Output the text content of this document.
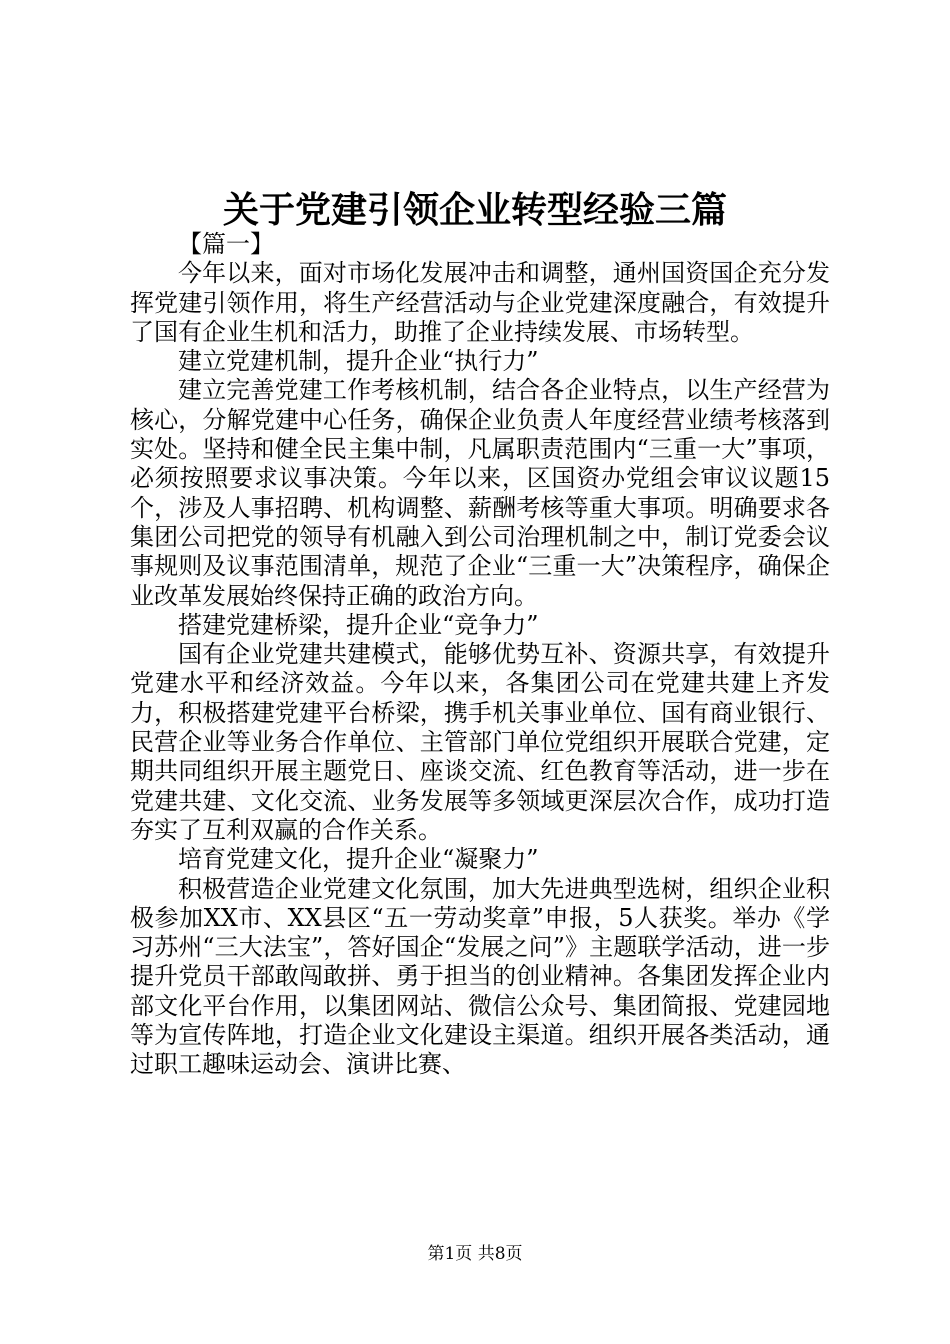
关于党建引领企业转型经验三篇

【篇一】

今年以来，面对市场化发展冲击和调整，通州国资国企充分发挥党建引领作用，将生产经营活动与企业党建深度融合，有效提升了国有企业生机和活力，助推了企业持续发展、市场转型。

建立党建机制，提升企业“执行力”

建立完善党建工作考核机制，结合各企业特点，以生产经营为核心，分解党建中心任务，确保企业负责人年度经营业绩考核落到实处。坚持和健全民主集中制，凡属职责范围内“三重一大”事项，必须按照要求议事决策。今年以来，区国资办党组会审议议题15个，涉及人事招聘、机构调整、薪酬考核等重大事项。明确要求各集团公司把党的领导有机融入到公司治理机制之中，制订党委会议事规则及议事范围清单，规范了企业“三重一大”决策程序，确保企业改革发展始终保持正确的政治方向。

搭建党建桥梁，提升企业“竞争力”

国有企业党建共建模式，能够优势互补、资源共享，有效提升党建水平和经济效益。今年以来，各集团公司在党建共建上齐发力，积极搭建党建平台桥梁，携手机关事业单位、国有商业银行、民营企业等业务合作单位、主管部门单位党组织开展联合党建，定期共同组织开展主题党日、座谈交流、红色教育等活动，进一步在党建共建、文化交流、业务发展等多领域更深层次合作，成功打造夯实了互利双赢的合作关系。

培育党建文化，提升企业“凝聚力”

积极营造企业党建文化氛围，加大先进典型选树，组织企业积极参加XX市、XX县区“五一劳动奖章”申报，5人获奖。举办《学习苏州“三大法宝”，答好国企“发展之问”》主题联学活动，进一步提升党员干部敢闯敢拼、勇于担当的创业精神。各集团发挥企业内部文化平台作用，以集团网站、微信公众号、集团简报、党建园地等为宣传阵地，打造企业文化建设主渠道。组织开展各类活动，通过职工趣味运动会、演讲比赛、

第1页 共8页
